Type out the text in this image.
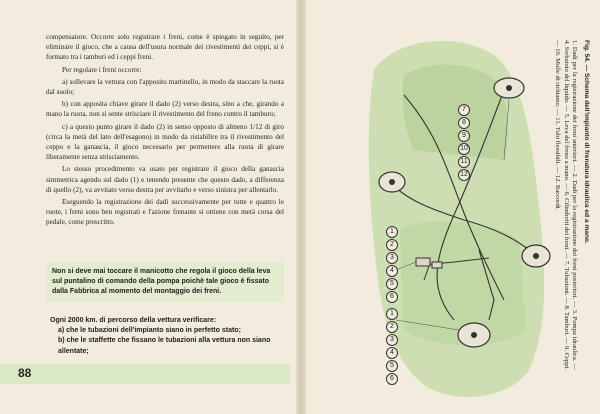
compensatore. Occorre solo registrare i freni, come è spiegato in seguito, per eliminare il gioco, che a causa dell'usura normale dei rivestimenti dei ceppi, si è formato tra i tamburi ed i ceppi freni.

Per regolare i freni occorre:

a) sollevare la vettura con l'apposito martinello, in modo da staccare la ruota dal suolo;

b) con apposita chiave girare il dado (2) verso destra, sino a che, girando a mano la ruota, non si sente strisciare il rivestimento del freno contro il tamburo;

c) a questo punto girare il dado (2) in senso opposto di almeno 1/12 di giro (circa la metà del lato dell'esagono) in modo da ristabilire tra il rivestimento del ceppo e la ganascia, il gioco necessario per permettere alla ruota di girare liberamente senza strisciamento.

Lo stesso procedimento va usato per registrare il gioco della ganascia simmetrica agendo sul dado (1) e tenendo presente che questo dado, a differenza di quello (2), va avvitato verso destra per avvitarlo e verso sinistra per allentarlo.

Eseguendo la registrazione dei dadi successivamente per tutte e quattro le ruote, i freni sono ben registrati e l'azione frenante si ottiene con metà corsa del pedale, come prescritto.

Non si deve mai toccare il manicotto che regola il gioco della leva sul puntalino di comando della pompa poichè tale gioco è fissato dalla Fabbrica al momento del montaggio dei freni.

Ogni 2000 km. di percorso della vettura verificare:

a) che le tubazioni dell'impianto siano in perfetto stato;

b) che le staffette che fissano le tubazioni alla vettura non siano allentate;

88
7
8
9
10
11
12
1
2
3
4
5
6
1
2
3
4
5
6

Fig. 54. — Schema dell'impianto di frenatura idraulica ed a mano.

1. Dadi per la registrazione dei freni anteriori. — 2. Dadi per la registrazione dei freni posteriori. — 3. Pompa idraulica. — 4. Serbatoio del liquido. — 5. Leva del freno a mano. — 6. Cilindretti dei freni. — 7. Tubazioni. — 8. Tamburi. — 9. Ceppi. — 10. Molle di richiamo. — 11. Tubi flessibili. — 12. Raccordi.
